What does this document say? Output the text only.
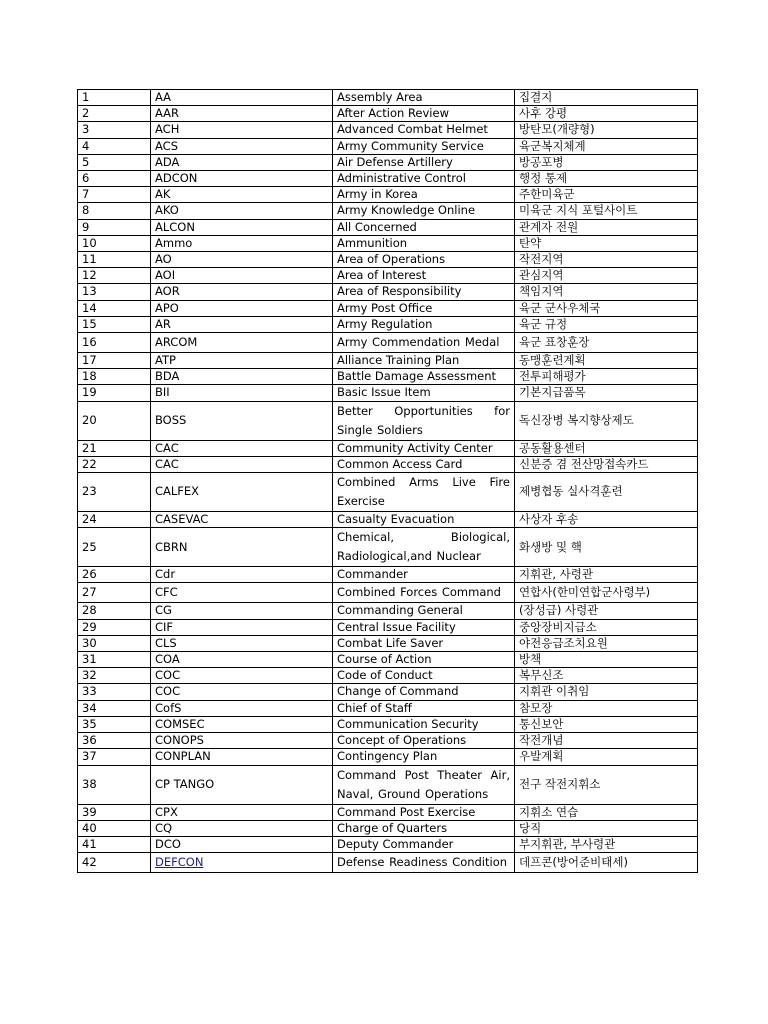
1	AA	Assembly Area	집결지
2	AAR	After Action Review	사후 강평
3	ACH	Advanced Combat Helmet	방탄모(개량형)
4	ACS	Army Community Service	육군복지체계
5	ADA	Air Defense Artillery	방공포병
6	ADCON	Administrative Control	행정 통제
7	AK	Army in Korea	주한미육군
8	AKO	Army Knowledge Online	미육군 지식 포털사이트
9	ALCON	All Concerned	관계자 전원
10	Ammo	Ammunition	탄약
11	AO	Area of Operations	작전지역
12	AOI	Area of Interest	관심지역
13	AOR	Area of Responsibility	책임지역
14	APO	Army Post Office	육군 군사우체국
15	AR	Army Regulation	육군 규정
16	ARCOM	Army Commendation Medal	육군 표창훈장
17	ATP	Alliance Training Plan	동맹훈련계획
18	BDA	Battle Damage Assessment	전투피해평가
19	BII	Basic Issue Item	기본지급품목
20	BOSS	Better Opportunities for Single Soldiers	독신장병 복지향상제도
21	CAC	Community Activity Center	공동활용센터
22	CAC	Common Access Card	신분증 겸 전산망접속카드
23	CALFEX	Combined Arms Live Fire Exercise	제병협동 실사격훈련
24	CASEVAC	Casualty Evacuation	사상자 후송
25	CBRN	Chemical, Biological, Radiological,and Nuclear	화생방 및 핵
26	Cdr	Commander	지휘관, 사령관
27	CFC	Combined Forces Command	연합사(한미연합군사령부)
28	CG	Commanding General	(장성급) 사령관
29	CIF	Central Issue Facility	중앙장비지급소
30	CLS	Combat Life Saver	야전응급조치요원
31	COA	Course of Action	방책
32	COC	Code of Conduct	복무신조
33	COC	Change of Command	지휘관 이취임
34	CofS	Chief of Staff	참모장
35	COMSEC	Communication Security	통신보안
36	CONOPS	Concept of Operations	작전개념
37	CONPLAN	Contingency Plan	우발계획
38	CP TANGO	Command Post Theater Air, Naval, Ground Operations	전구 작전지휘소
39	CPX	Command Post Exercise	지휘소 연습
40	CQ	Charge of Quarters	당직
41	DCO	Deputy Commander	부지휘관, 부사령관
42	DEFCON	Defense Readiness Condition	데프콘(방어준비태세)
